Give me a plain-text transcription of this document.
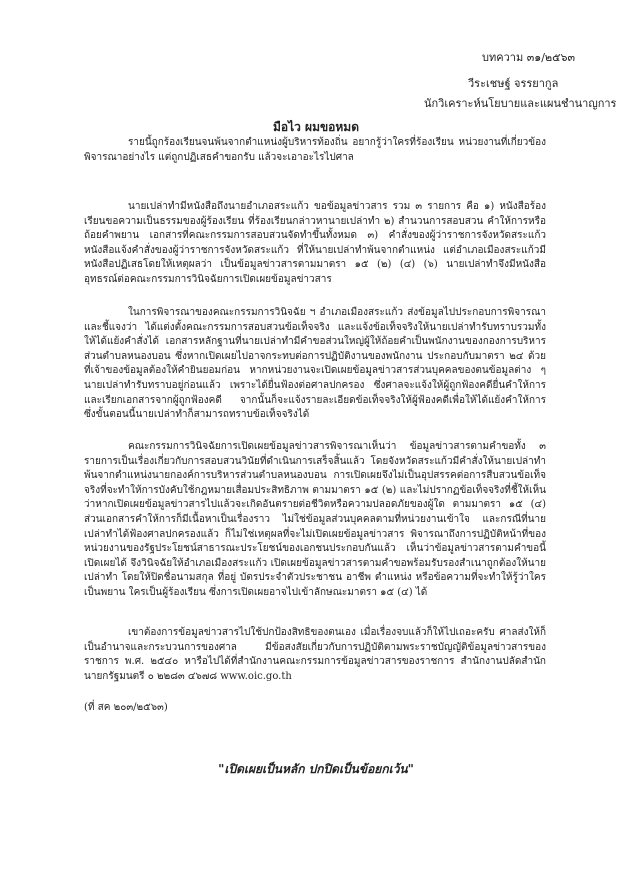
บทความ ๓๑/๒๕๖๓
วีระเชษฐ์ จรรยากูล
นักวิเคราะห์นโยบายและแผนชำนาญการ
มือไว ผมขอหมด

รายนี้ถูกร้องเรียนจนพ้นจากตำแหน่งผู้บริหารท้องถิ่น อยากรู้ว่าใครที่ร้องเรียน หน่วยงานที่เกี่ยวข้องพิจารณาอย่างไร แต่ถูกปฏิเสธคำขอกรับ แล้วจะเอาอะไรไปศาล

นายเปล่าทำมีหนังสือถึงนายอำเภอสระแก้ว ขอข้อมูลข่าวสาร รวม ๓ รายการ คือ ๑) หนังสือร้องเรียนขอความเป็นธรรมของผู้ร้องเรียน ที่ร้องเรียนกล่าวหานายเปล่าทำ ๒) สำนวนการสอบสวน คำให้การหรือถ้อยคำพยาน เอกสารที่คณะกรรมการสอบสวนจัดทำขึ้นทั้งหมด ๓) คำสั่งของผู้ว่าราชการจังหวัดสระแก้วหนังสือแจ้งคำสั่งของผู้ว่าราชการจังหวัดสระแก้ว ที่ให้นายเปล่าทำพ้นจากตำแหน่ง แต่อำเภอเมืองสระแก้วมีหนังสือปฏิเสธโดยให้เหตุผลว่า เป็นข้อมูลข่าวสารตามมาตรา ๑๕ (๒) (๔) (๖) นายเปล่าทำจึงมีหนังสืออุทธรณ์ต่อคณะกรรมการวินิจฉัยการเปิดเผยข้อมูลข่าวสาร

ในการพิจารณาของคณะกรรมการวินิจฉัย ฯ อำเภอเมืองสระแก้ว ส่งข้อมูลไปประกอบการพิจารณาและชี้แจงว่า ได้แต่งตั้งคณะกรรมการสอบสวนข้อเท็จจริง และแจ้งข้อเท็จจริงให้นายเปล่าทำรับทราบรวมทั้งให้ได้แย้งคำสั่งได้ เอกสารหลักฐานที่นายเปล่าทำมีคำขอส่วนใหญ่ผู้ให้ถ้อยคำเป็นพนักงานของกองการบริหารส่วนตำบลหนองบอน ซึ่งหากเปิดเผยไปอาจกระทบต่อการปฏิบัติงานของพนักงาน ประกอบกับมาตรา ๒๔ ด้วย ที่เจ้าของข้อมูลต้องให้คำยินยอมก่อน หากหน่วยงานจะเปิดเผยข้อมูลข่าวสารส่วนบุคคลของตนข้อมูลต่าง ๆ นายเปล่าทำรับทราบอยู่ก่อนแล้ว เพราะได้ยื่นฟ้องต่อศาลปกครอง ซึ่งศาลจะแจ้งให้ผู้ถูกฟ้องคดียื่นคำให้การและเรียกเอกสารจากผู้ถูกฟ้องคดี จากนั้นก็จะแจ้งรายละเอียดข้อเท็จจริงให้ผู้ฟ้องคดีเพื่อให้ได้แย้งคำให้การ ซึ่งขั้นตอนนี้นายเปล่าทำก็สามารถทราบข้อเท็จจริงได้

คณะกรรมการวินิจฉัยการเปิดเผยข้อมูลข่าวสารพิจารณาเห็นว่า ข้อมูลข่าวสารตามคำขอทั้ง ๓ รายการเป็นเรื่องเกี่ยวกับการสอบสวนวินัยที่ดำเนินการเสร็จสิ้นแล้ว โดยจังหวัดสระแก้วมีคำสั่งให้นายเปล่าทำพ้นจากตำแหน่งนายกองค์การบริหารส่วนตำบลหนองบอน การเปิดเผยจึงไม่เป็นอุปสรรคต่อการสืบสวนข้อเท็จจริงที่จะทำให้การบังคับใช้กฎหมายเสื่อมประสิทธิภาพ ตามมาตรา ๑๕ (๒) และไม่ปรากฏข้อเท็จจริงที่ชี้ให้เห็นว่าหากเปิดเผยข้อมูลข่าวสารไปแล้วจะเกิดอันตรายต่อชีวิตหรือความปลอดภัยของผู้ใด ตามมาตรา ๑๕ (๔) ส่วนเอกสารคำให้การก็มีเนื้อหาเป็นเรื่องราว ไม่ใช่ข้อมูลส่วนบุคคลตามที่หน่วยงานเข้าใจ และกรณีที่นายเปล่าทำได้ฟ้องศาลปกครองแล้ว ก็ไม่ใช่เหตุผลที่จะไม่เปิดเผยข้อมูลข่าวสาร พิจารณาถึงการปฏิบัติหน้าที่ของหน่วยงานของรัฐประโยชน์สาธารณะประโยชน์ของเอกชนประกอบกันแล้ว เห็นว่าข้อมูลข่าวสารตามคำขอนี้เปิดเผยได้ จึงวินิจฉัยให้อำเภอเมืองสระแก้ว เปิดเผยข้อมูลข่าวสารตามคำขอพร้อมรับรองสำเนาถูกต้องให้นายเปล่าทำ โดยให้ปิดชื่อนามสกุล ที่อยู่ บัตรประจำตัวประชาชน อาชีพ ตำแหน่ง หรือข้อความที่จะทำให้รู้ว่าใครเป็นพยาน ใครเป็นผู้ร้องเรียน ซึ่งการเปิดเผยอาจไปเข้าลักษณะมาตรา ๑๕ (๔) ได้

เขาต้องการข้อมูลข่าวสารไปใช้ปกป้องสิทธิของตนเอง เมื่อเรื่องจบแล้วก็ให้ไปเถอะครับ ศาลส่งให้ก็เป็นอำนาจและกระบวนการของศาล มีข้อสงสัยเกี่ยวกับการปฏิบัติตามพระราชบัญญัติข้อมูลข่าวสารของราชการ พ.ศ. ๒๕๔๐ หารือไปได้ที่สำนักงานคณะกรรมการข้อมูลข่าวสารของราชการ สำนักงานปลัดสำนักนายกรัฐมนตรี ๐ ๒๒๘๓ ๔๖๗๘ www.oic.go.th

(ที่ สค ๒๐๓/๒๕๖๓)
"เปิดเผยเป็นหลัก ปกปิดเป็นข้อยกเว้น"
